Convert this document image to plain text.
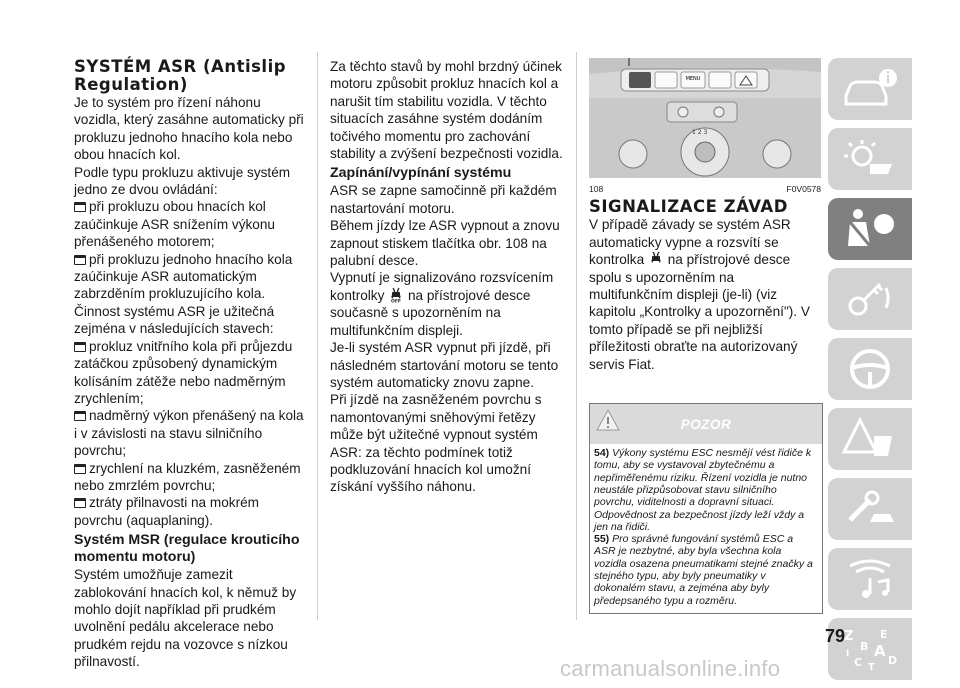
SYSTÉM ASR (Antislip Regulation)

Je to systém pro řízení náhonu vozidla, který zasáhne automaticky při prokluzu jednoho hnacího kola nebo obou hnacích kol.

Podle typu prokluzu aktivuje systém jedno ze dvou ovládání:

při prokluzu obou hnacích kol zaúčinkuje ASR snížením výkonu přenášeného motorem;

při prokluzu jednoho hnacího kola zaúčinkuje ASR automatickým zabrzděním prokluzujícího kola.

Činnost systému ASR je užitečná zejména v následujících stavech:

prokluz vnitřního kola při průjezdu zatáčkou způsobený dynamickým kolísáním zátěže nebo nadměrným zrychlením;

nadměrný výkon přenášený na kola i v závislosti na stavu silničního povrchu;

zrychlení na kluzkém, zasněženém nebo zmrzlém povrchu;

ztráty přilnavosti na mokrém povrchu (aquaplaning).

Systém MSR (regulace krouticího momentu motoru)

Systém umožňuje zamezit zablokování hnacích kol, k němuž by mohlo dojít například při prudkém uvolnění pedálu akcelerace nebo prudkém rejdu na vozovce s nízkou přilnavostí.

Za těchto stavů by mohl brzdný účinek motoru způsobit prokluz hnacích kol a narušit tím stabilitu vozidla. V těchto situacích zasáhne systém dodáním točivého momentu pro zachování stability a zvýšení bezpečnosti vozidla.

Zapínání/vypínání systému

ASR se zapne samočinně při každém nastartování motoru.

Během jízdy lze ASR vypnout a znovu zapnout stiskem tlačítka obr. 108 na palubní desce.

Vypnutí je signalizováno rozsvícením kontrolky OFF na přístrojové desce současně s upozorněním na multifunkčním displeji.

Je-li systém ASR vypnut při jízdě, při následném startování motoru se tento systém automaticky znovu zapne.

Při jízdě na zasněženém povrchu s namontovanými sněhovými řetězy může být užitečné vypnout systém ASR: za těchto podmínek totiž podkluzování hnacích kol umožní získání vyššího náhonu.

MENU
1 2 3
108	F0V0578
SIGNALIZACE ZÁVAD

V případě závady se systém ASR automaticky vypne a rozsvítí se kontrolka na přístrojové desce spolu s upozorněním na multifunkčním displeji (je-li) (viz kapitolu „Kontrolky a upozornění"). V tomto případě se při nejbližší příležitosti obraťte na autorizovaný servis Fiat.

POZOR

54) Výkony systému ESC nesmějí vést řidiče k tomu, aby se vystavoval zbytečnému a nepřiměřenému riziku. Řízení vozidla je nutno neustále přizpůsobovat stavu silničního povrchu, viditelnosti a dopravní situaci. Odpovědnost za bezpečnost jízdy leží vždy a jen na řidiči.

55) Pro správné fungování systémů ESC a ASR je nezbytné, aby byla všechna kola vozidla osazena pneumatikami stejné značky a stejného typu, aby byly pneumatiky v dokonalém stavu, a zejména aby byly předepsaného typu a rozměru.

Z E
B A
C D
I
T
79
carmanualsonline.info
